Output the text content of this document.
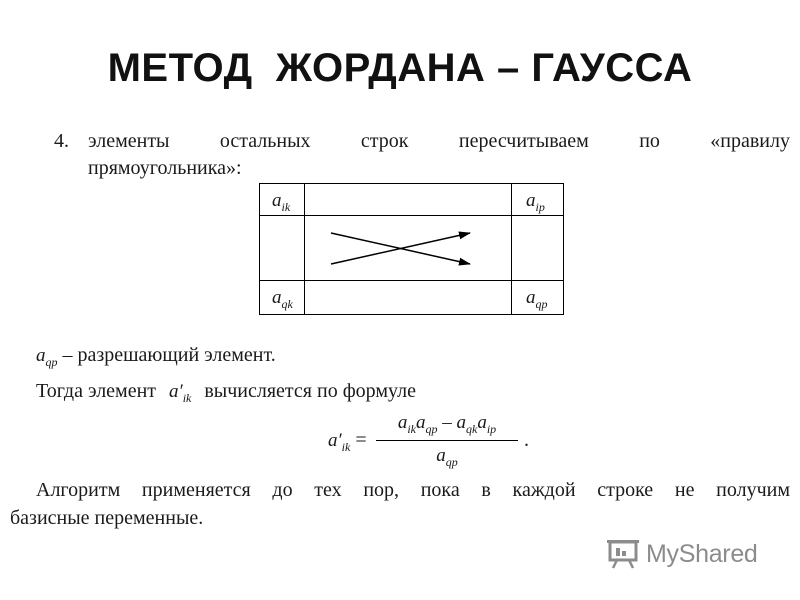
МЕТОД  ЖОРДАНА – ГАУССА
4. элементы	остальных	строк	пересчитываем	по	«правилу
прямоугольника»:
$a_{ik}$	$a_{ip}$
$a_{qk}$	$a_{qp}$
$a_{qp}$ – разрешающий элемент.
Тогда элемент $a'_{ik}$ вычисляется по формуле
$a'_{ik}$ =
$a_{ik}a_{qp} - a_{qk}a_{ip}$
$a_{qp}$
.
Алгоритм применяется до тех пор, пока в каждой строке не получим
базисные переменные.
MyShared
